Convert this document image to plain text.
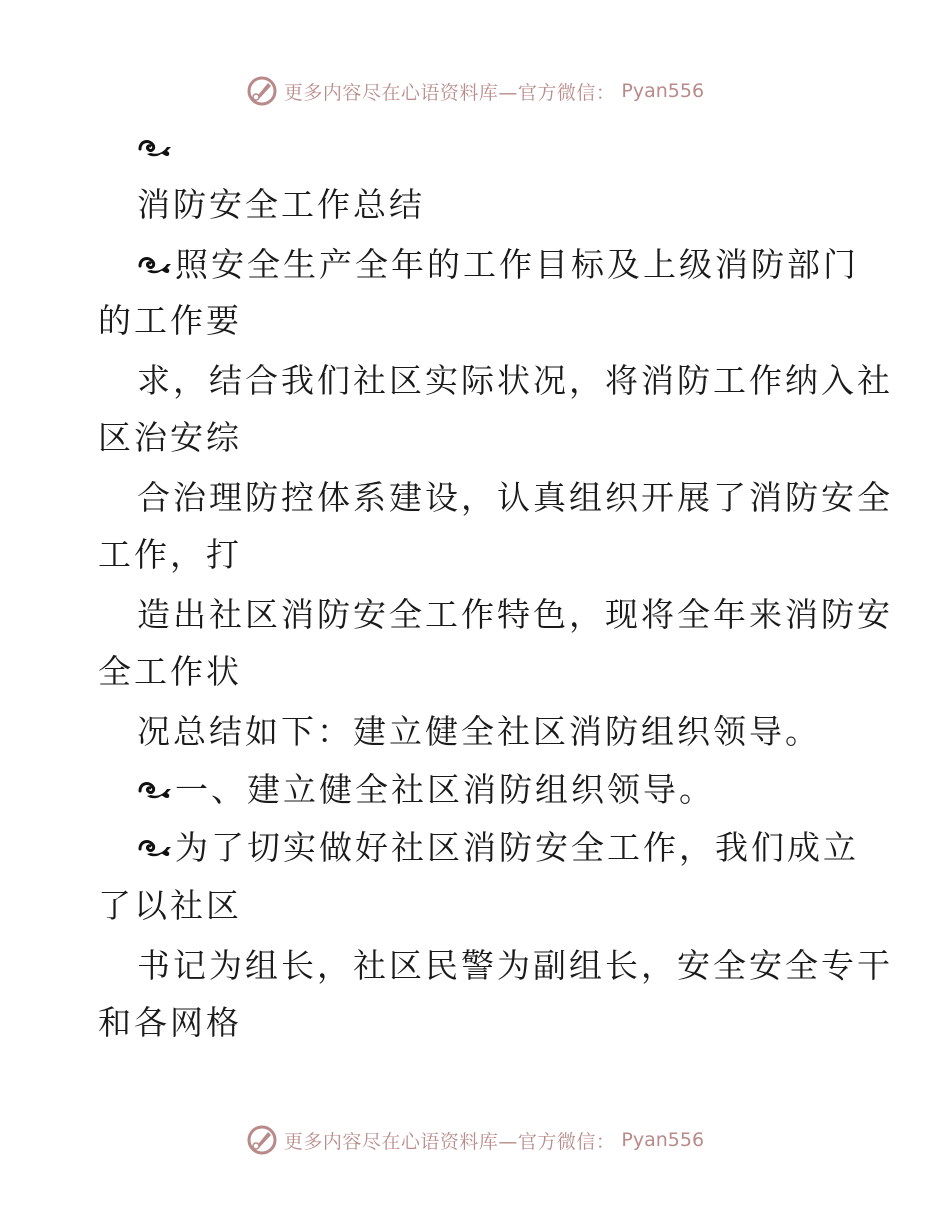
更多内容尽在心语资料库—官方微信： Pyan556
消防安全工作总结
照安全生产全年的工作目标及上级消防部门
的工作要
求，结合我们社区实际状况，将消防工作纳入社
区治安综
合治理防控体系建设，认真组织开展了消防安全
工作，打
造出社区消防安全工作特色，现将全年来消防安
全工作状
况总结如下：建立健全社区消防组织领导。
一、建立健全社区消防组织领导。
为了切实做好社区消防安全工作，我们成立
了以社区
书记为组长，社区民警为副组长，安全安全专干
和各网格
更多内容尽在心语资料库—官方微信： Pyan556
